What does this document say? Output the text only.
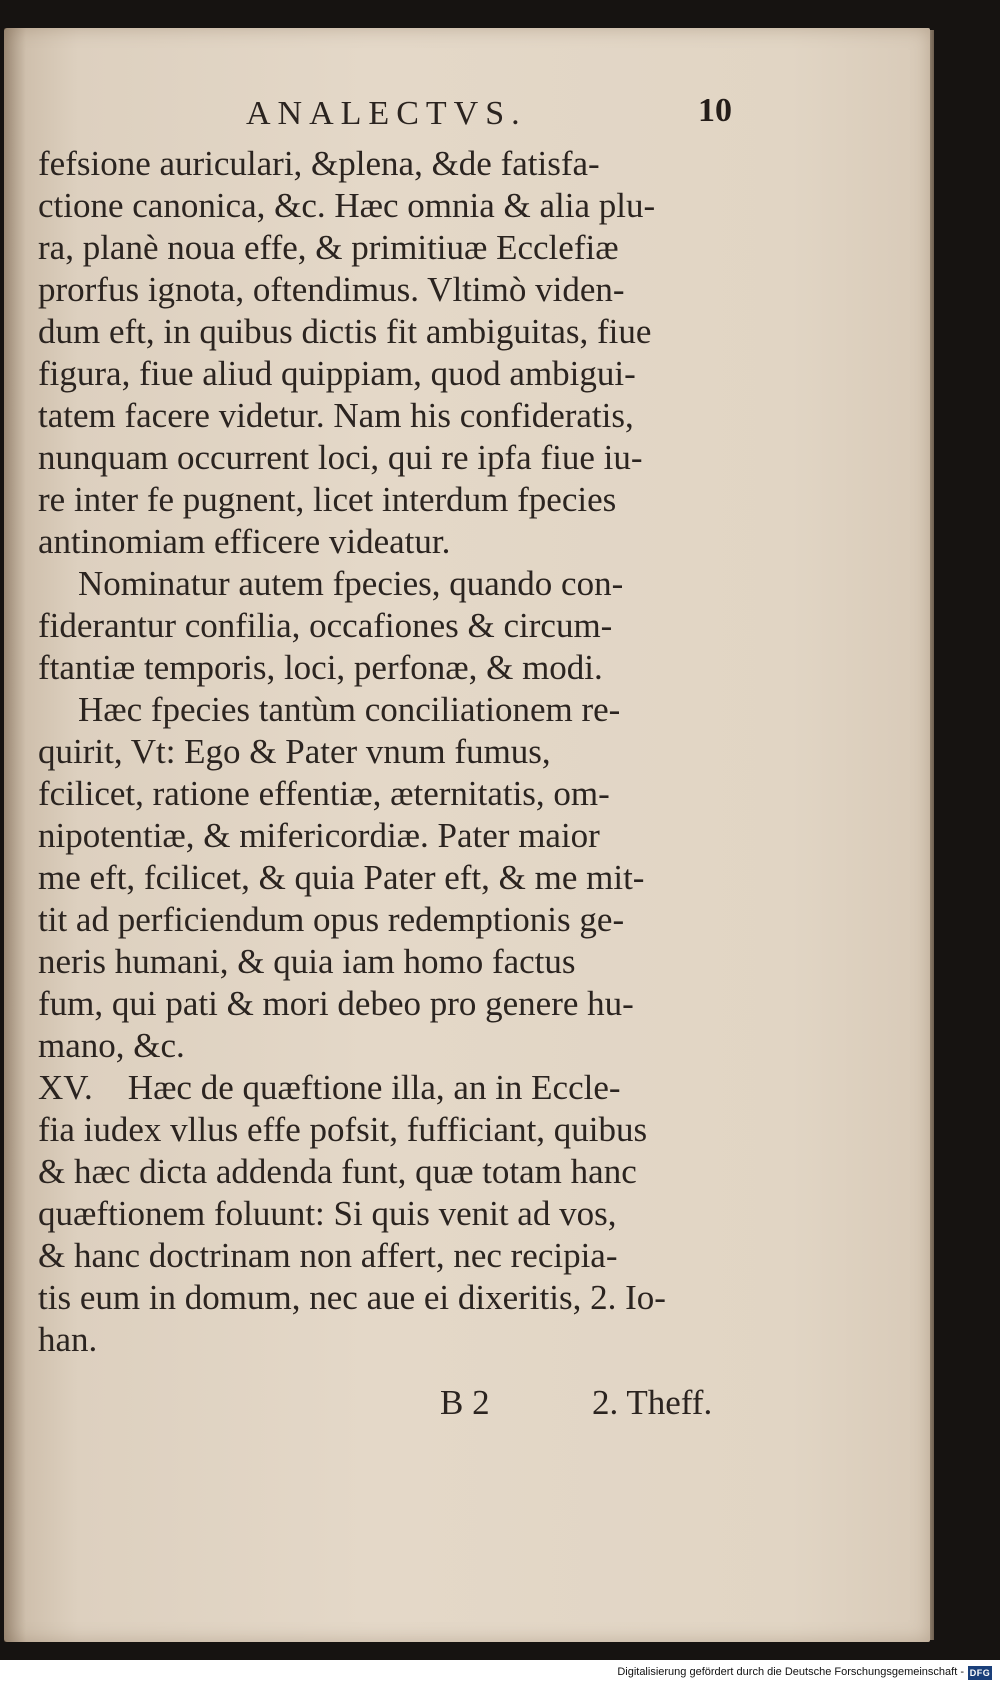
ANALECTVS.	10
fefsione auriculari, &plena, &de fatisfa-
ctione canonica, &c. Hæc omnia & alia plu-
ra, planè noua effe, & primitiuæ Ecclefiæ
prorfus ignota, oftendimus. Vltimò viden-
dum eft, in quibus dictis fit ambiguitas, fiue
figura, fiue aliud quippiam, quod ambigui-
tatem facere videtur. Nam his confideratis,
nunquam occurrent loci, qui re ipfa fiue iu-
re inter fe pugnent, licet interdum fpecies
antinomiam efficere videatur.
Nominatur autem fpecies, quando con-
fiderantur confilia, occafiones & circum-
ftantiæ temporis, loci, perfonæ, & modi.
Hæc fpecies tantùm conciliationem re-
quirit, Vt: Ego & Pater vnum fumus,
fcilicet, ratione effentiæ, æternitatis, om-
nipotentiæ, & mifericordiæ. Pater maior
me eft, fcilicet, & quia Pater eft, & me mit-
tit ad perficiendum opus redemptionis ge-
neris humani, & quia iam homo factus
fum, qui pati & mori debeo pro genere hu-
mano, &c.
XV.    Hæc de quæftione illa, an in Eccle-
fia iudex vllus effe pofsit, fufficiant, quibus
& hæc dicta addenda funt, quæ totam hanc
quæftionem foluunt: Si quis venit ad vos,
& hanc doctrinam non affert, nec recipia-
tis eum in domum, nec aue ei dixeritis, 2. Io-
han.
B 2	2. Theff.
Digitalisierung gefördert durch die Deutsche Forschungsgemeinschaft - DFG
